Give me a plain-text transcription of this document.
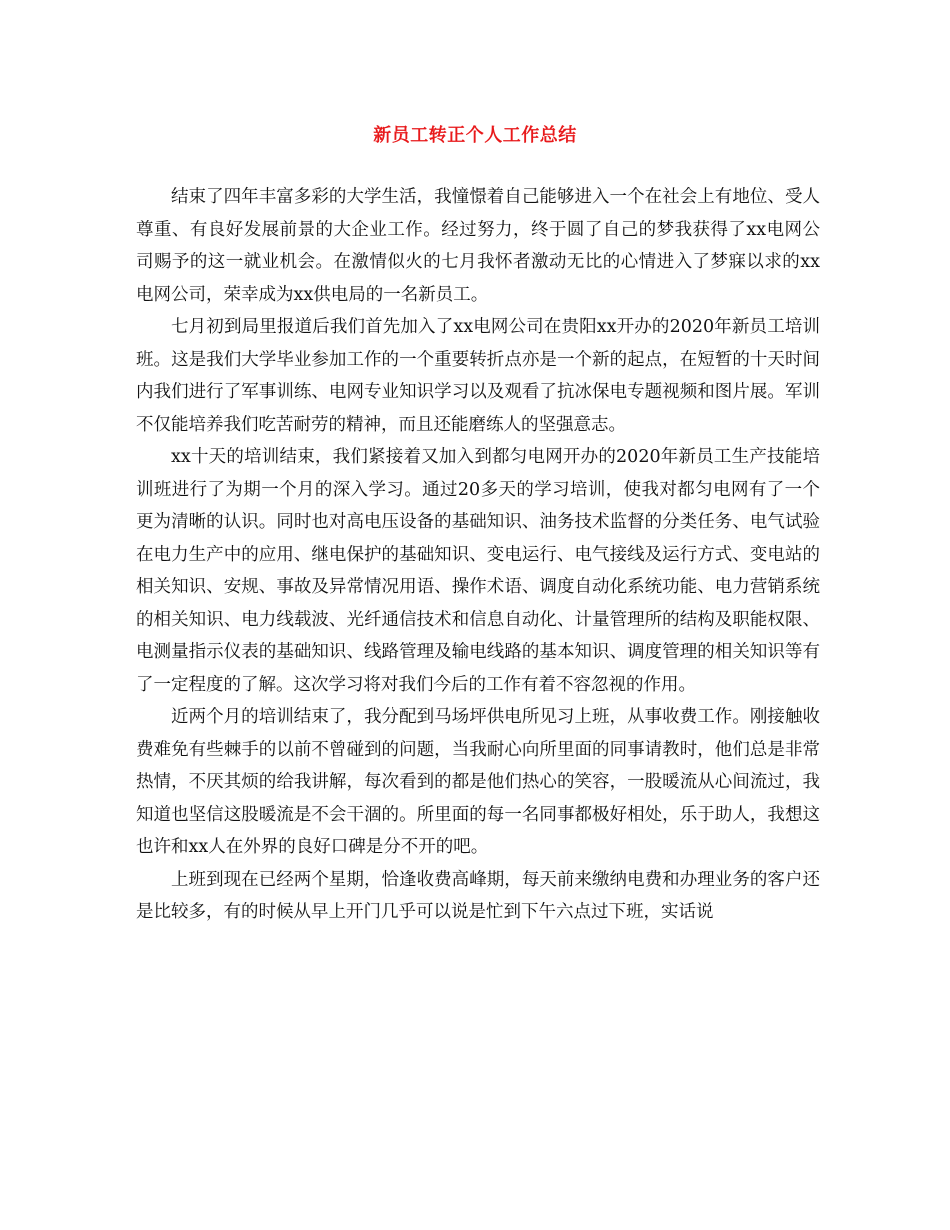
新员工转正个人工作总结

结束了四年丰富多彩的大学生活，我憧憬着自己能够进入一个在社会上有地位、受人尊重、有良好发展前景的大企业工作。经过努力，终于圆了自己的梦我获得了xx电网公司赐予的这一就业机会。在激情似火的七月我怀者激动无比的心情进入了梦寐以求的xx电网公司，荣幸成为xx供电局的一名新员工。

七月初到局里报道后我们首先加入了xx电网公司在贵阳xx开办的2020年新员工培训班。这是我们大学毕业参加工作的一个重要转折点亦是一个新的起点，在短暂的十天时间内我们进行了军事训练、电网专业知识学习以及观看了抗冰保电专题视频和图片展。军训不仅能培养我们吃苦耐劳的精神，而且还能磨练人的坚强意志。

xx十天的培训结束，我们紧接着又加入到都匀电网开办的2020年新员工生产技能培训班进行了为期一个月的深入学习。通过20多天的学习培训，使我对都匀电网有了一个更为清晰的认识。同时也对高电压设备的基础知识、油务技术监督的分类任务、电气试验在电力生产中的应用、继电保护的基础知识、变电运行、电气接线及运行方式、变电站的相关知识、安规、事故及异常情况用语、操作术语、调度自动化系统功能、电力营销系统的相关知识、电力线载波、光纤通信技术和信息自动化、计量管理所的结构及职能权限、电测量指示仪表的基础知识、线路管理及输电线路的基本知识、调度管理的相关知识等有了一定程度的了解。这次学习将对我们今后的工作有着不容忽视的作用。

近两个月的培训结束了，我分配到马场坪供电所见习上班，从事收费工作。刚接触收费难免有些棘手的以前不曾碰到的问题，当我耐心向所里面的同事请教时，他们总是非常热情，不厌其烦的给我讲解，每次看到的都是他们热心的笑容，一股暖流从心间流过，我知道也坚信这股暖流是不会干涸的。所里面的每一名同事都极好相处，乐于助人，我想这也许和xx人在外界的良好口碑是分不开的吧。

上班到现在已经两个星期，恰逢收费高峰期，每天前来缴纳电费和办理业务的客户还是比较多，有的时候从早上开门几乎可以说是忙到下午六点过下班，实话说
